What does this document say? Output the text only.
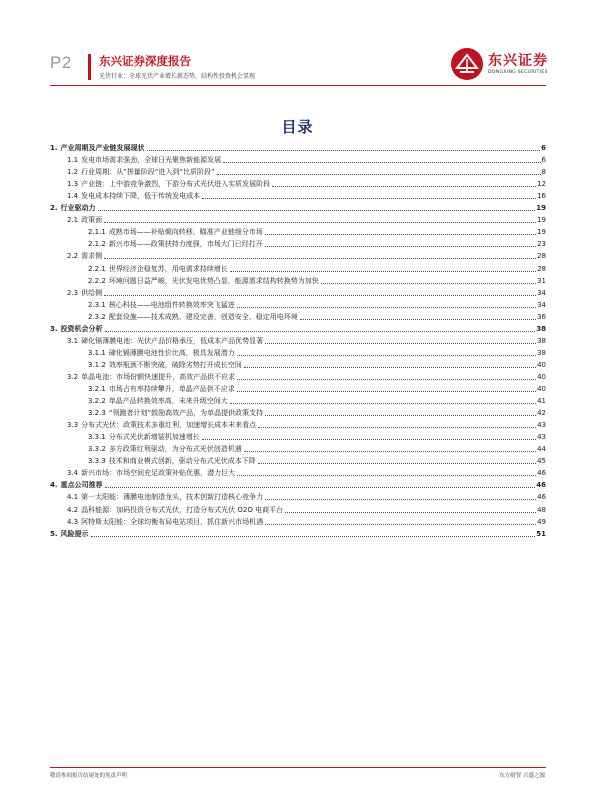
P2 东兴证券深度报告
光伏行业：全球光伏产业增长新态势，结构性投资机会显现
东兴证券
DONGXING SECURITIES
目录
1. 产业周期及产业链发展现状	6
1.1 发电市场需求强劲，全球日光聚焦新能源发展	6
1.2 行业周期：从“拼量阶段”进入到“比质阶段”	8
1.3 产业链：上中游竞争激烈，下游分布式光伏进入实质发展阶段	12
1.4 发电成本持续下降，低于传统发电成本	16
2. 行业驱动力	19
2.1 政策面	19
2.1.1 成熟市场——补贴倾向转移，瞄准产业链细分市场	19
2.1.2 新兴市场——政策扶持力度强，市场大门已经打开	23
2.2 需求侧	28
2.2.1 世界经济企稳复苏，用电需求持续增长	28
2.2.2 环境问题日益严峻，光伏发电优势凸显，能源需求结构转换势为加快	31
2.3 供给侧	34
2.3.1 核心科技——电池组件转换效率突飞猛进	34
2.3.2 配套设施——技术成熟、建设完善，创造安全、稳定用电环境	36
3. 投资机会分析	38
3.1 碲化镉薄膜电池：光伏产品价格承压，低成本产品优势显著	38
3.1.1 碲化镉薄膜电池性价比高，极具发展潜力	38
3.1.2 效率瓶颈不断突破，破除劣势打开成长空间	40
3.2 单晶电池：市场份额快速提升，高效产品供不应求	40
3.2.1 市场占有率持续攀升，单晶产品供不应求	40
3.2.2 单晶产品转换效率高，未来升级空间大	41
3.2.3 “领跑者计划”鼓励高效产品，为单晶提供政策支持	42
3.3 分布式光伏：政策技术多重红利，加速增长成本未来看点	43
3.3.1 分布式光伏新增装机加速增长	43
3.3.2 多方政策红利驱动，为分布式光伏创造机遇	44
3.3.3 技术和商业模式创新，驱动分布式光伏成本下降	45
3.4 新兴市场：市场空间充足政策补贴优惠，潜力巨大	46
4. 重点公司推荐	46
4.1 第一太阳能：薄膜电池制造龙头，技术创新打造核心竞争力	46
4.2 晶科能源：加码投资分布式光伏，打造分布式光伏 O2O 电商平台	48
4.3 阿特斯太阳能：全球均衡布局电站项目，抓住新兴市场机遇	49
5. 风险提示	51
敬请参阅报告结尾处的免责声明	东方财智 兴盛之源
